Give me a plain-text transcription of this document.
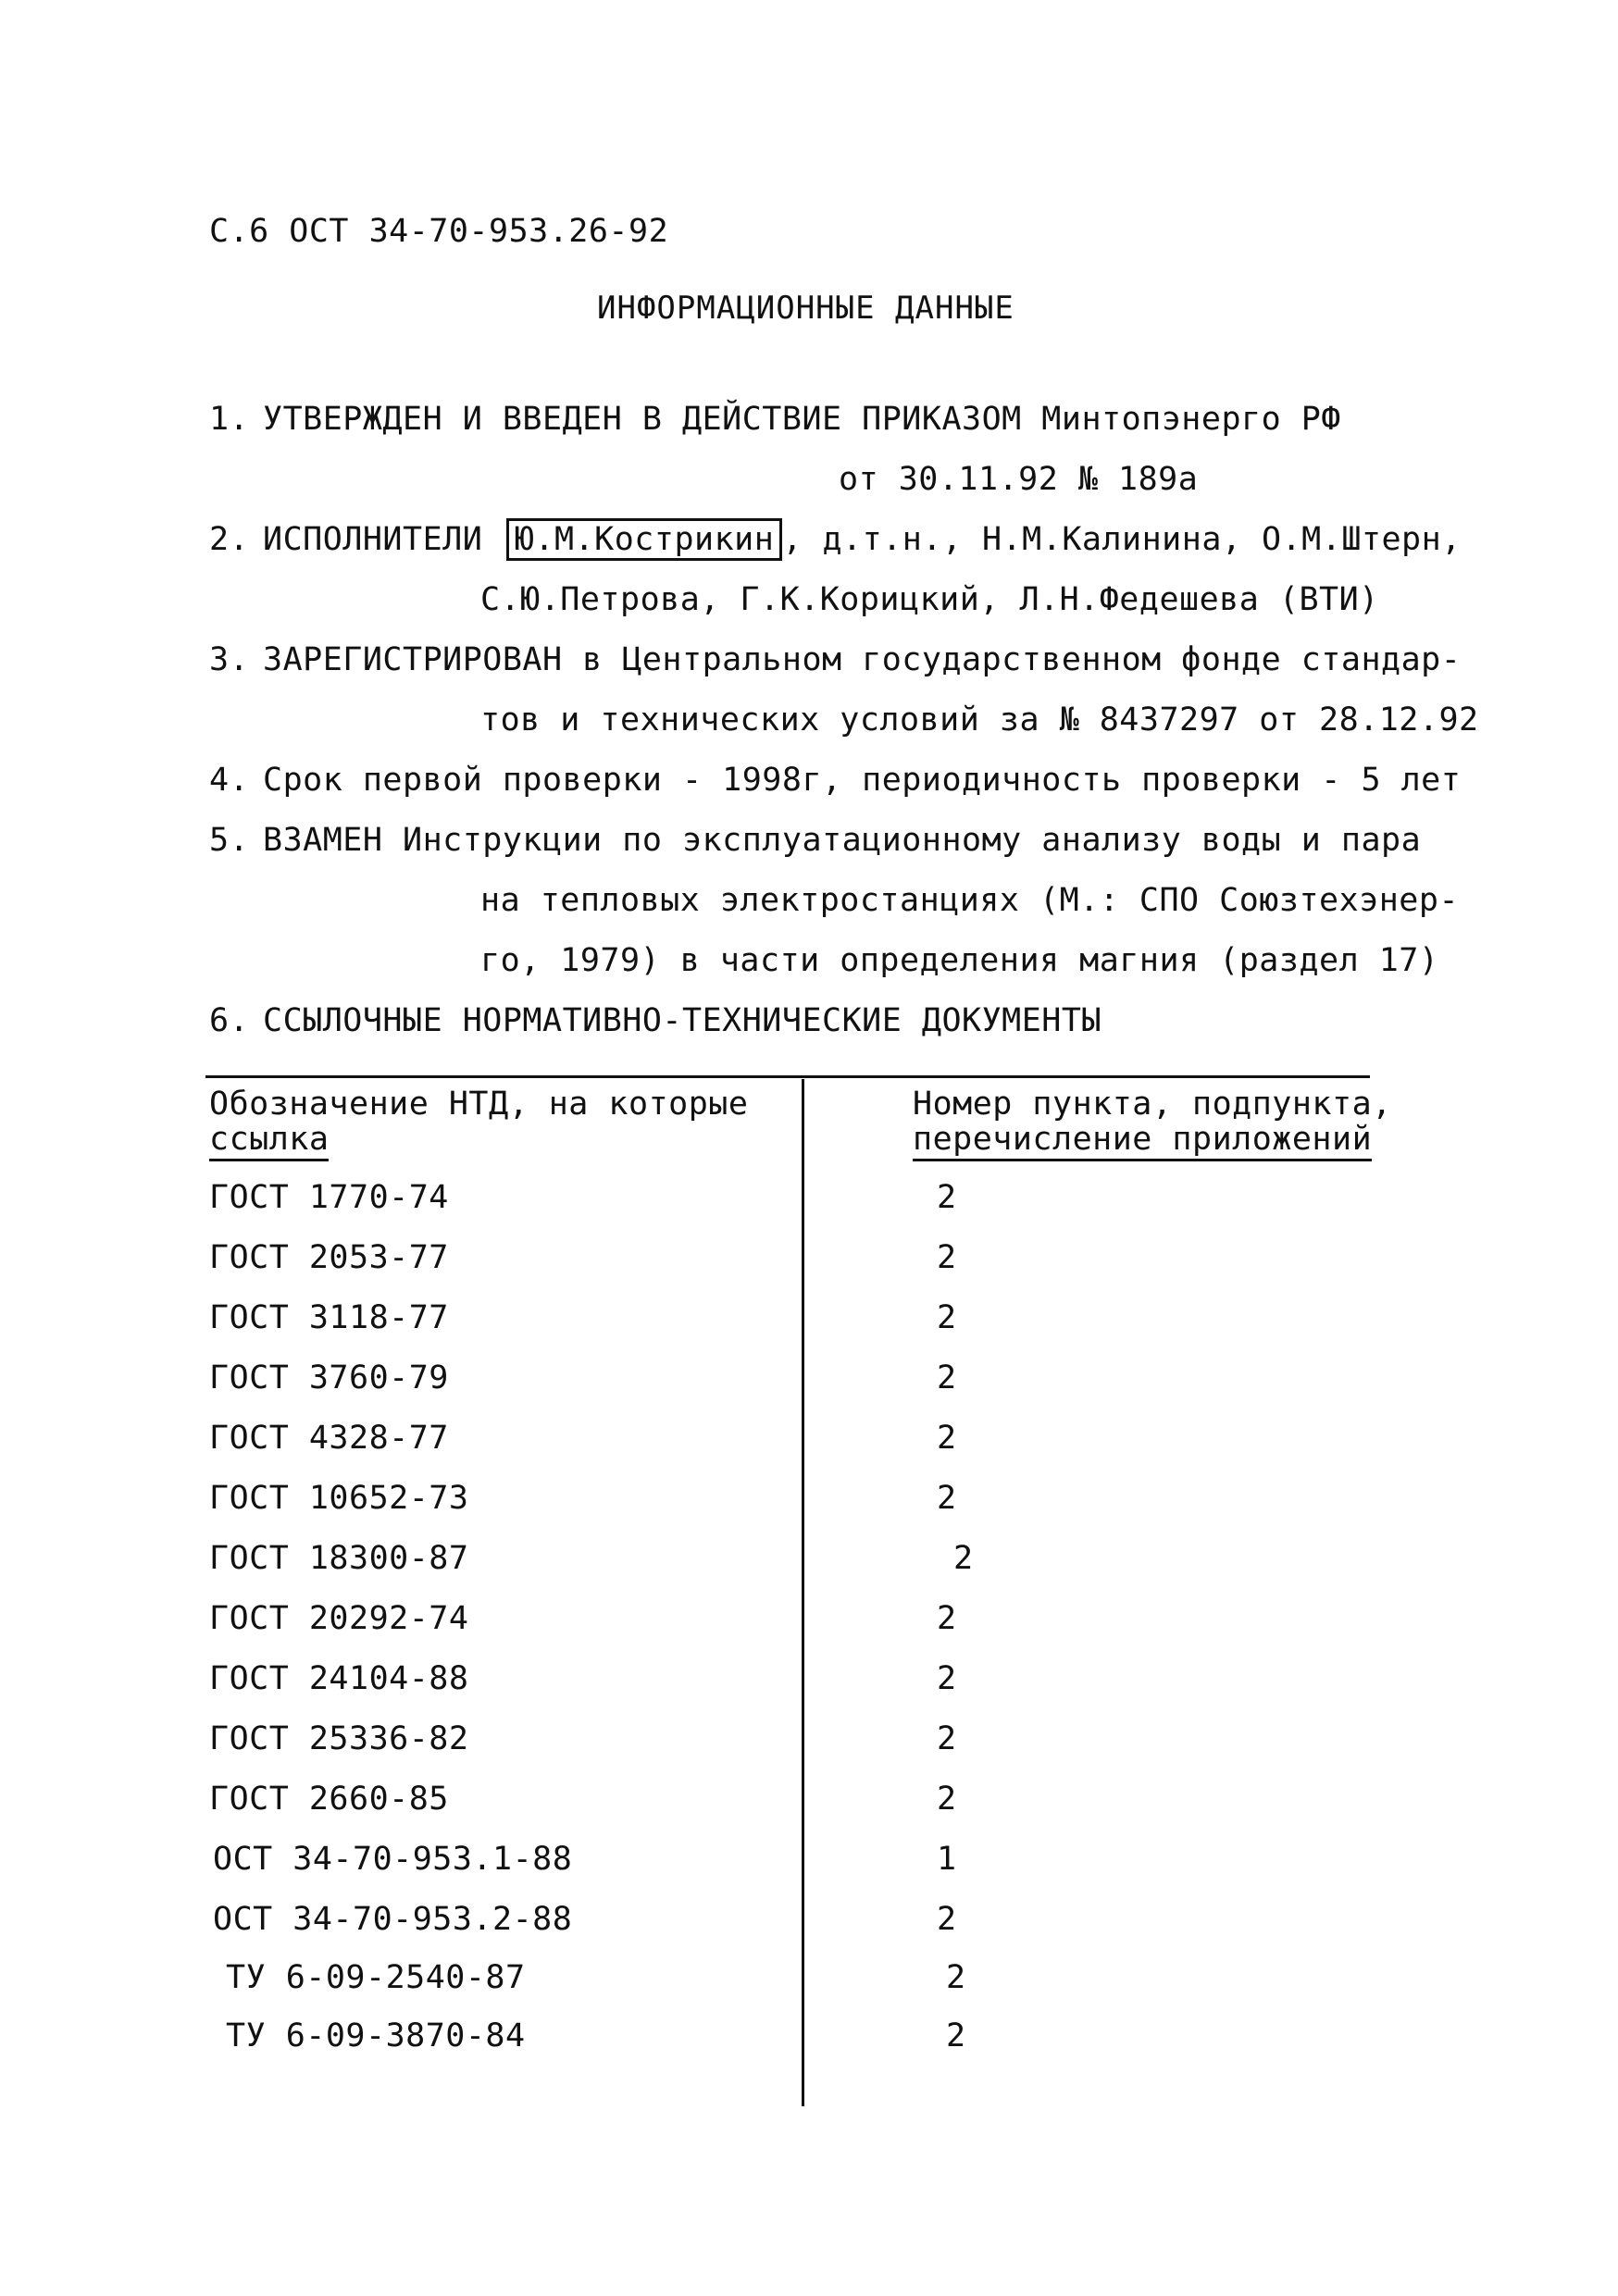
С.6 ОСТ 34-70-953.26-92
ИНФОРМАЦИОННЫЕ ДАННЫЕ
1. УТВЕРЖДЕН И ВВЕДЕН В ДЕЙСТВИЕ ПРИКАЗОМ Минтопэнерго РФ
от 30.11.92 № 189а
2. ИСПОЛНИТЕЛИ Ю.М.Кострикин , д.т.н., Н.М.Калинина, О.М.Штерн,
С.Ю.Петрова, Г.К.Корицкий, Л.Н.Федешева (ВТИ)
3. ЗАРЕГИСТРИРОВАН в Центральном государственном фонде стандар-
тов и технических условий за № 8437297 от 28.12.92
4. Срок первой проверки - 1998г, периодичность проверки - 5 лет
5. ВЗАМЕН Инструкции по эксплуатационному анализу воды и пара
на тепловых электростанциях (М.: СПО Союзтехэнер-
го, 1979) в части определения магния (раздел 17)
6. ССЫЛОЧНЫЕ НОРМАТИВНО-ТЕХНИЧЕСКИЕ ДОКУМЕНТЫ
Обозначение НТД, на которые
ссылка
Номер пункта, подпункта,
перечисление приложений
ГОСТ 1770-74	2
ГОСТ 2053-77	2
ГОСТ 3118-77	2
ГОСТ 3760-79	2
ГОСТ 4328-77	2
ГОСТ 10652-73	2
ГОСТ 18300-87	2
ГОСТ 20292-74	2
ГОСТ 24104-88	2
ГОСТ 25336-82	2
ГОСТ 2660-85	2
ОСТ 34-70-953.1-88	1
ОСТ 34-70-953.2-88	2
ТУ 6-09-2540-87	2
ТУ 6-09-3870-84	2
